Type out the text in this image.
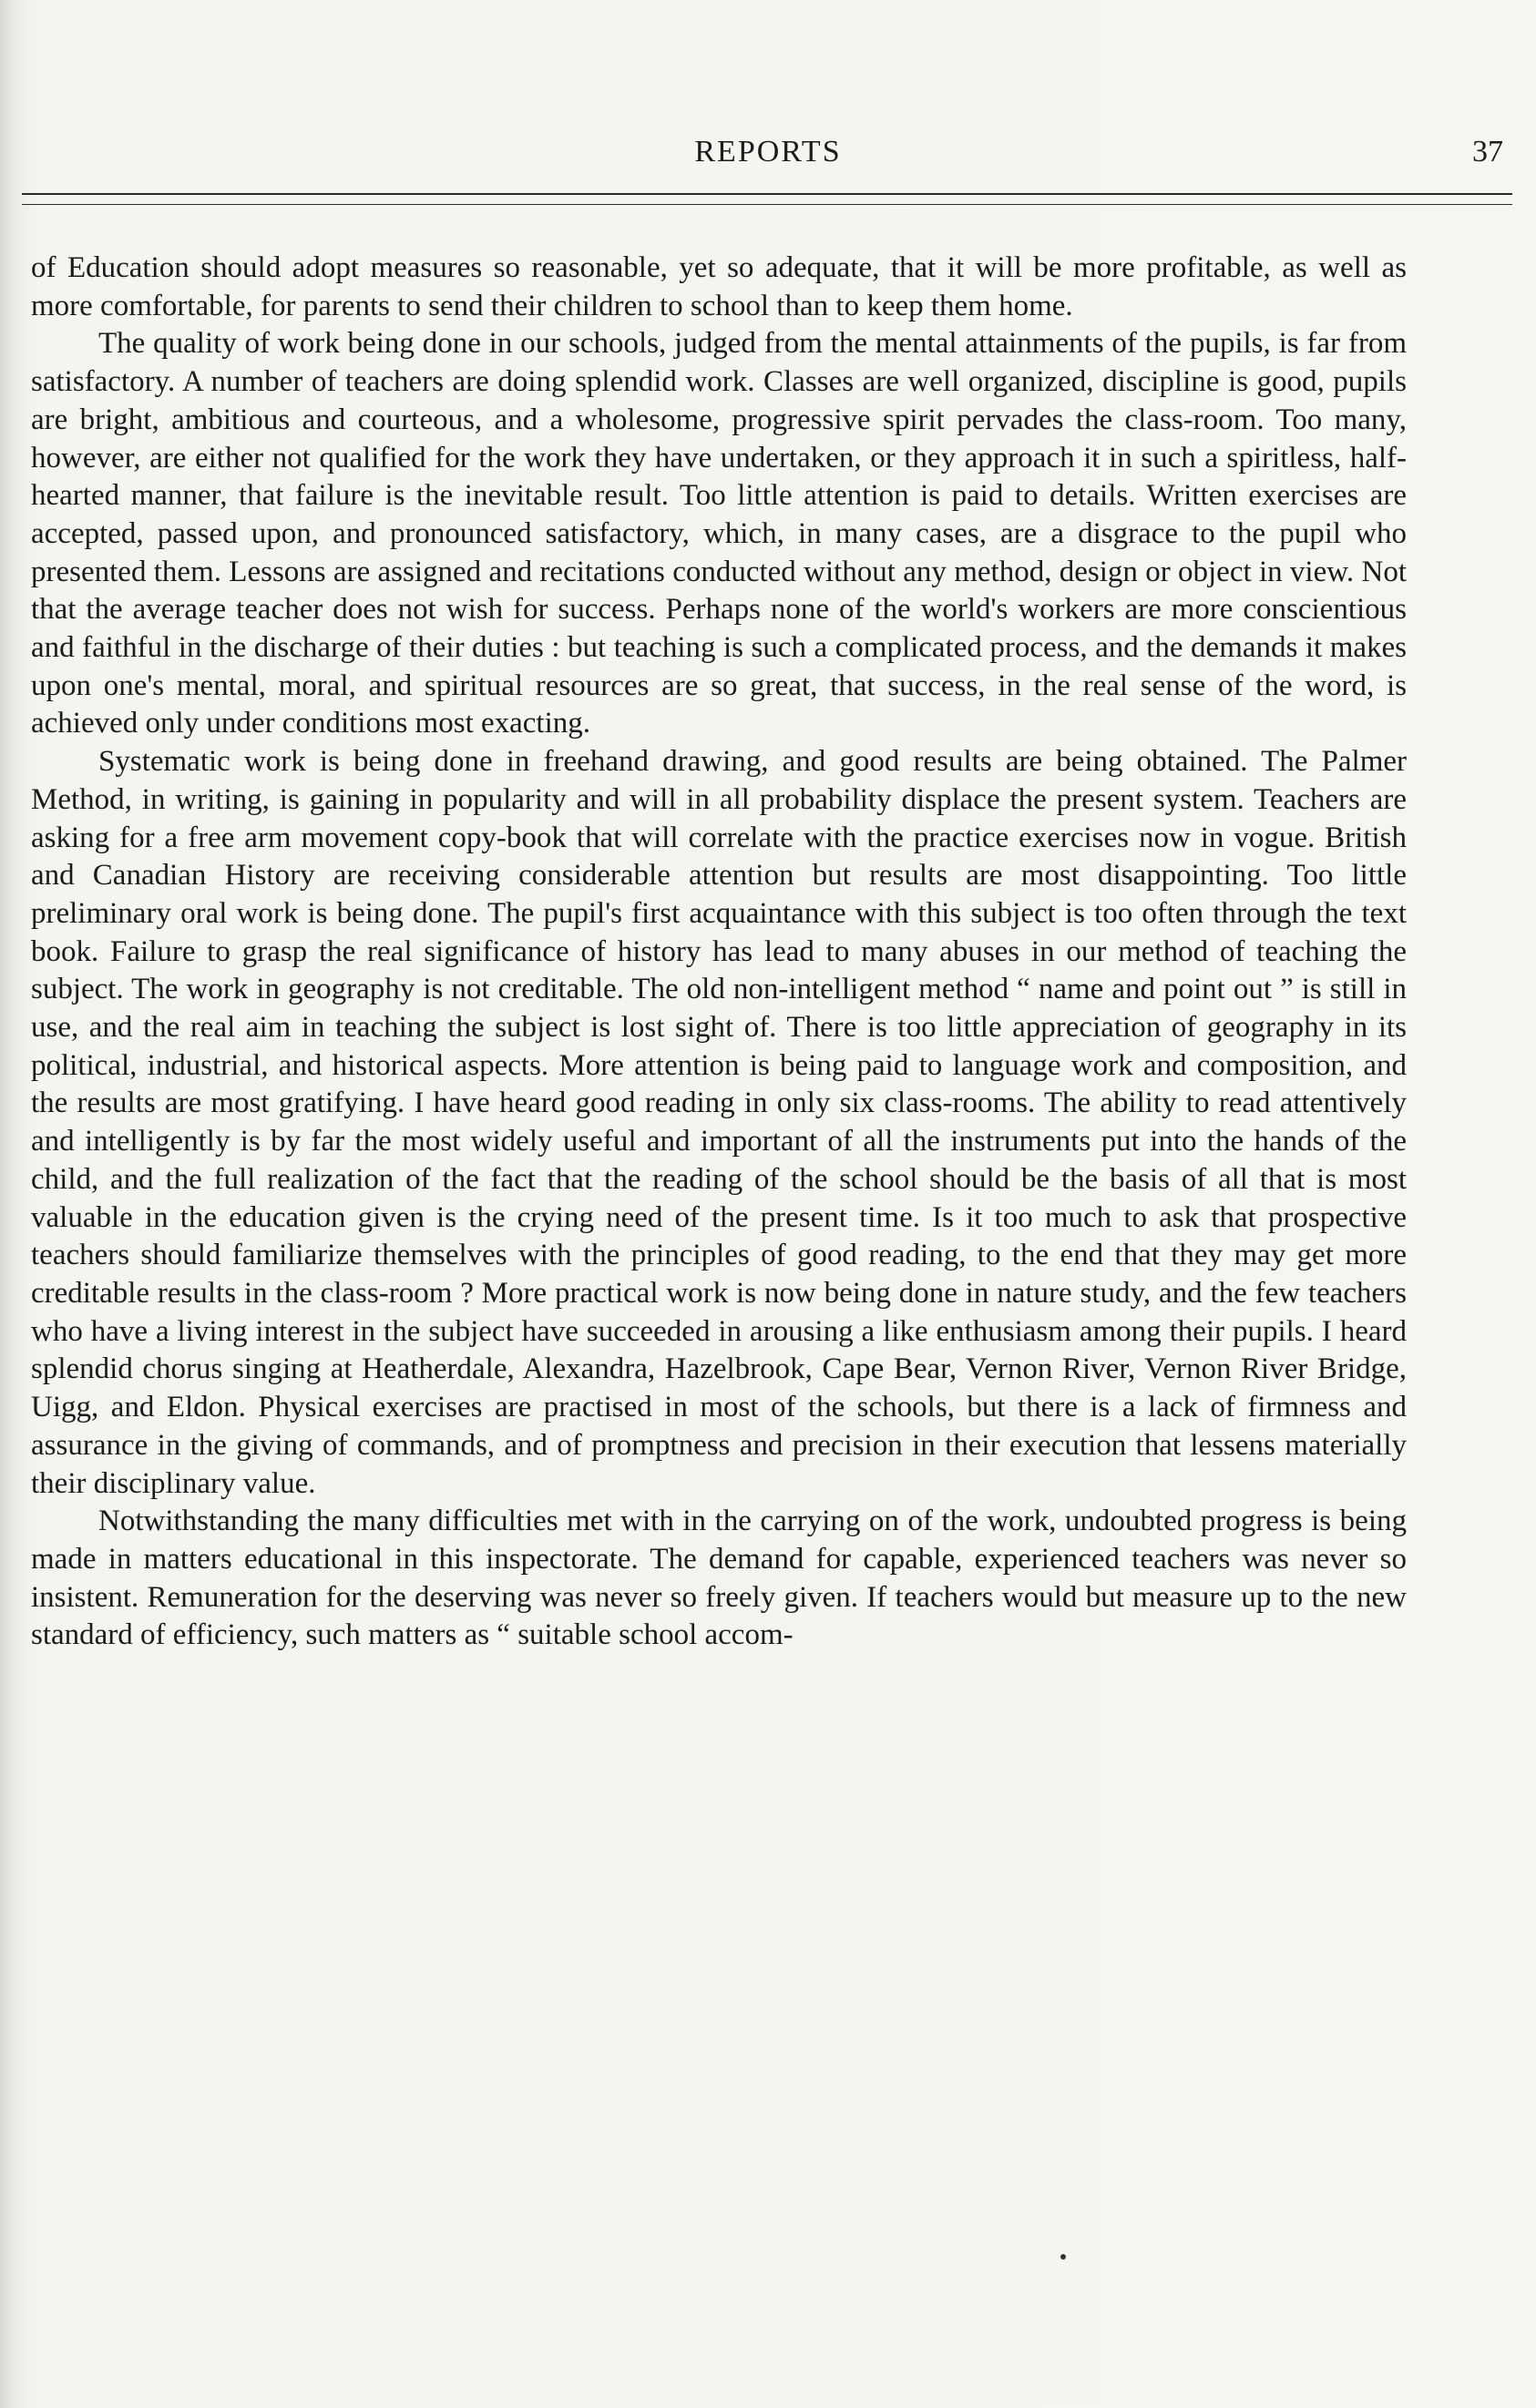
REPORTS	37

of Education should adopt measures so reasonable, yet so adequate, that it will be more profitable, as well as more comfortable, for parents to send their children to school than to keep them home.

The quality of work being done in our schools, judged from the mental attainments of the pupils, is far from satisfactory. A number of teachers are doing splendid work. Classes are well organized, discipline is good, pupils are bright, ambitious and courteous, and a wholesome, progressive spirit pervades the class-room. Too many, however, are either not qualified for the work they have undertaken, or they approach it in such a spiritless, half-hearted manner, that failure is the inevitable result. Too little attention is paid to details. Written exercises are accepted, passed upon, and pronounced satisfactory, which, in many cases, are a disgrace to the pupil who presented them. Lessons are assigned and recitations conducted without any method, design or object in view. Not that the average teacher does not wish for success. Perhaps none of the world's workers are more conscientious and faithful in the discharge of their duties : but teaching is such a complicated process, and the demands it makes upon one's mental, moral, and spiritual resources are so great, that success, in the real sense of the word, is achieved only under conditions most exacting.

Systematic work is being done in freehand drawing, and good results are being obtained. The Palmer Method, in writing, is gaining in popularity and will in all probability displace the present system. Teachers are asking for a free arm movement copy-book that will correlate with the practice exercises now in vogue. British and Canadian History are receiving considerable attention but results are most disappointing. Too little preliminary oral work is being done. The pupil's first acquaintance with this subject is too often through the text book. Failure to grasp the real significance of history has lead to many abuses in our method of teaching the subject. The work in geography is not creditable. The old non-intelligent method “ name and point out ” is still in use, and the real aim in teaching the subject is lost sight of. There is too little appreciation of geography in its political, industrial, and historical aspects. More attention is being paid to language work and composition, and the results are most gratifying. I have heard good reading in only six class-rooms. The ability to read attentively and intelligently is by far the most widely useful and important of all the instruments put into the hands of the child, and the full realization of the fact that the reading of the school should be the basis of all that is most valuable in the education given is the crying need of the present time. Is it too much to ask that prospective teachers should familiarize themselves with the principles of good reading, to the end that they may get more creditable results in the class-room ? More practical work is now being done in nature study, and the few teachers who have a living interest in the subject have succeeded in arousing a like enthusiasm among their pupils. I heard splendid chorus singing at Heatherdale, Alexandra, Hazelbrook, Cape Bear, Vernon River, Vernon River Bridge, Uigg, and Eldon. Physical exercises are practised in most of the schools, but there is a lack of firmness and assurance in the giving of commands, and of promptness and precision in their execution that lessens materially their disciplinary value.

Notwithstanding the many difficulties met with in the carrying on of the work, undoubted progress is being made in matters educational in this inspectorate. The demand for capable, experienced teachers was never so insistent. Remuneration for the deserving was never so freely given. If teachers would but measure up to the new standard of efficiency, such matters as “ suitable school accom-
